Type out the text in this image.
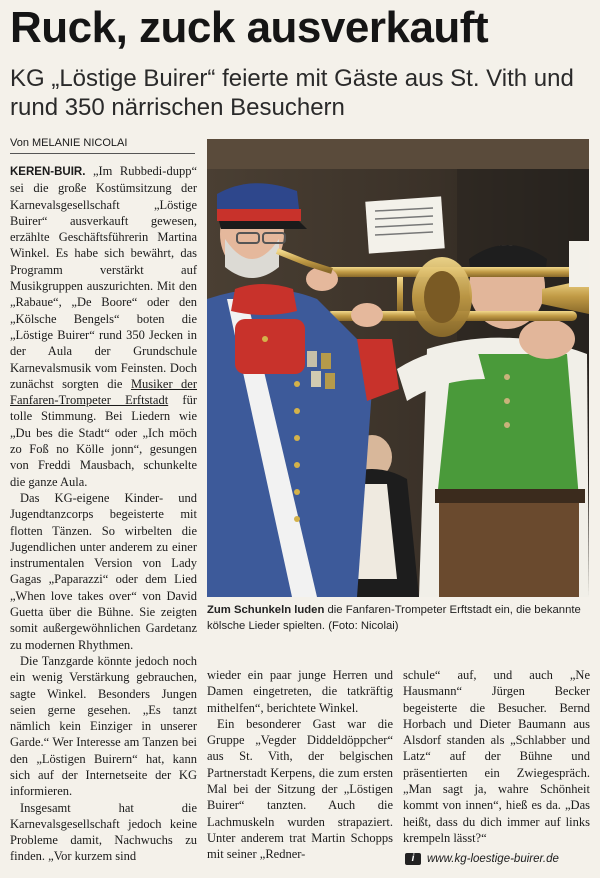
Ruck, zuck ausverkauft
KG „Löstige Buirer“ feierte mit Gäste aus St. Vith und rund 350 närrischen Besuchern
Von MELANIE NICOLAI

KEREN-BUIR. „Im Rubbedi-dupp“ sei die große Kostümsitzung der Karnevalsgesellschaft „Löstige Buirer“ ausverkauft gewesen, erzählte Geschäftsführerin Martina Winkel. Es habe sich bewährt, das Programm verstärkt auf Musikgruppen auszurichten. Mit den „Rabaue“, „De Boore“ oder den „Kölsche Bengels“ boten die „Löstige Buirer“ rund 350 Jecken in der Aula der Grundschule Karnevalsmusik vom Feinsten. Doch zunächst sorgten die Musiker der Fanfaren-Trompeter Erftstadt für tolle Stimmung. Bei Liedern wie „Du bes die Stadt“ oder „Ich möch zo Foß no Kölle jonn“, gesungen von Freddi Mausbach, schunkelte die ganze Aula.

Das KG-eigene Kinder- und Jugendtanzcorps begeisterte mit flotten Tänzen. So wirbelten die Jugendlichen unter anderem zu einer instrumentalen Version von Lady Gagas „Paparazzi“ oder dem Lied „When love takes over“ von David Guetta über die Bühne. Sie zeigten somit außergewöhnlichen Gardetanz zu modernen Rhythmen.

Die Tanzgarde könnte jedoch noch ein wenig Verstärkung gebrauchen, sagte Winkel. Besonders Jungen seien gerne gesehen. „Es tanzt nämlich kein Einziger in unserer Garde.“ Wer Interesse am Tanzen bei den „Löstigen Buirern“ hat, kann sich auf der Internetseite der KG informieren.

Insgesamt hat die Karnevalsgesellschaft jedoch keine Probleme damit, Nachwuchs zu finden. „Vor kurzem sind

Zum Schunkeln luden die Fanfaren-Trompeter Erftstadt ein, die bekannte kölsche Lieder spielten. (Foto: Nicolai)

wieder ein paar junge Herren und Damen eingetreten, die tatkräftig mithelfen“, berichtete Winkel.

Ein besonderer Gast war die Gruppe „Vegder Diddeldöppcher“ aus St. Vith, der belgischen Partnerstadt Kerpens, die zum ersten Mal bei der Sitzung der „Löstigen Buirer“ tanzten. Auch die Lachmuskeln wurden strapaziert. Unter anderem trat Martin Schopps mit seiner „Redner-

schule“ auf, und auch „Ne Hausmann“ Jürgen Becker begeisterte die Besucher. Bernd Horbach und Dieter Baumann aus Alsdorf standen als „Schlabber und Latz“ auf der Bühne und präsentierten ein Zwiegespräch. „Man sagt ja, wahre Schönheit kommt von innen“, hieß es da. „Das heißt, dass du dich immer auf links krempeln lässt?“

i	www.kg-loestige-buirer.de
